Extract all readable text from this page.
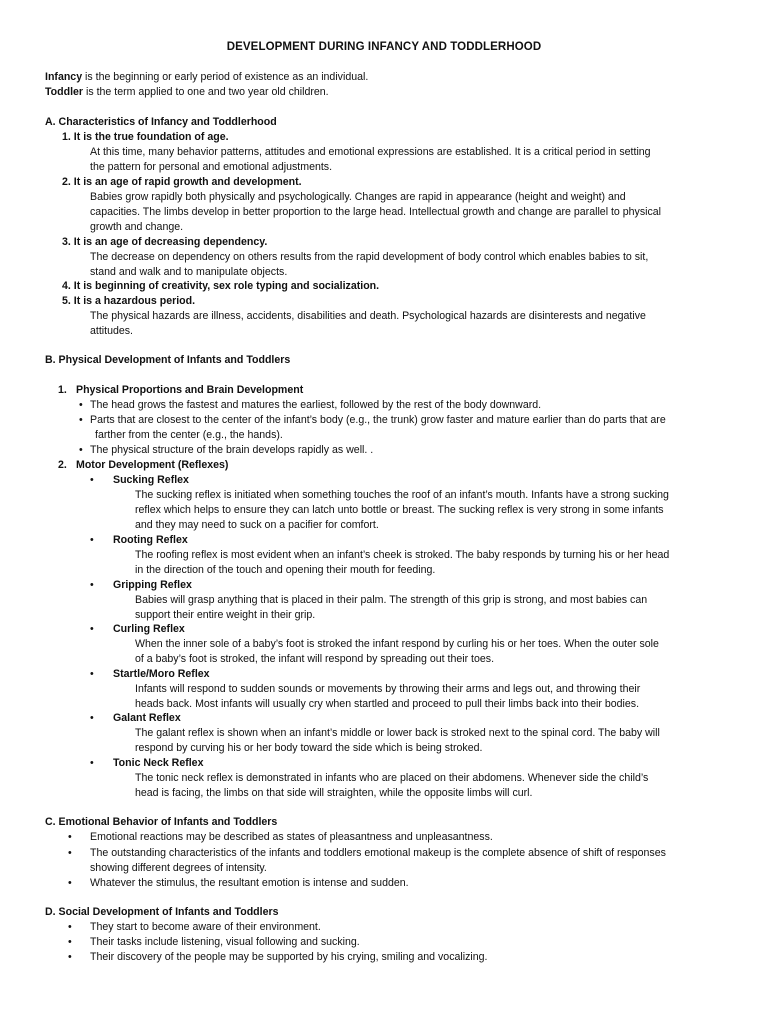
DEVELOPMENT DURING INFANCY AND TODDLERHOOD
Infancy is the beginning or early period of existence as an individual.
Toddler is the term applied to one and two year old children.
A. Characteristics of Infancy and Toddlerhood
1. It is the true foundation of age.
At this time, many behavior patterns, attitudes and emotional expressions are established. It is a critical period in setting
the pattern for personal and emotional adjustments.
2. It is an age of rapid growth and development.
Babies grow rapidly both physically and psychologically. Changes are rapid in appearance (height and weight) and
capacities. The limbs develop in better proportion to the large head. Intellectual growth and change are parallel to physical
growth and change.
3. It is an age of decreasing dependency.
The decrease on dependency on others results from the rapid development of body control which enables babies to sit,
stand and walk and to manipulate objects.
4. It is beginning of creativity, sex role typing and socialization.
5. It is a hazardous period.
The physical hazards are illness, accidents, disabilities and death. Psychological hazards are disinterests and negative
attitudes.
B. Physical Development of Infants and Toddlers
1. Physical Proportions and Brain Development
• The head grows the fastest and matures the earliest, followed by the rest of the body downward.
• Parts that are closest to the center of the infant’s body (e.g., the trunk) grow faster and mature earlier than do parts that are
farther from the center (e.g., the hands).
• The physical structure of the brain develops rapidly as well. .
2. Motor Development (Reflexes)
• Sucking Reflex
The sucking reflex is initiated when something touches the roof of an infant’s mouth. Infants have a strong sucking
reflex which helps to ensure they can latch unto bottle or breast. The sucking reflex is very strong in some infants
and they may need to suck on a pacifier for comfort.
• Rooting Reflex
The roofing reflex is most evident when an infant’s cheek is stroked. The baby responds by turning his or her head
in the direction of the touch and opening their mouth for feeding.
• Gripping Reflex
Babies will grasp anything that is placed in their palm. The strength of this grip is strong, and most babies can
support their entire weight in their grip.
• Curling Reflex
When the inner sole of a baby’s foot is stroked the infant respond by curling his or her toes. When the outer sole
of a baby’s foot is stroked, the infant will respond by spreading out their toes.
• Startle/Moro Reflex
Infants will respond to sudden sounds or movements by throwing their arms and legs out, and throwing their
heads back. Most infants will usually cry when startled and proceed to pull their limbs back into their bodies.
• Galant Reflex
The galant reflex is shown when an infant’s middle or lower back is stroked next to the spinal cord. The baby will
respond by curving his or her body toward the side which is being stroked.
• Tonic Neck Reflex
The tonic neck reflex is demonstrated in infants who are placed on their abdomens. Whenever side the child’s
head is facing, the limbs on that side will straighten, while the opposite limbs will curl.
C. Emotional Behavior of Infants and Toddlers
• Emotional reactions may be described as states of pleasantness and unpleasantness.
• The outstanding characteristics of the infants and toddlers emotional makeup is the complete absence of shift of responses
showing different degrees of intensity.
• Whatever the stimulus, the resultant emotion is intense and sudden.
D. Social Development of Infants and Toddlers
• They start to become aware of their environment.
• Their tasks include listening, visual following and sucking.
• Their discovery of the people may be supported by his crying, smiling and vocalizing.
